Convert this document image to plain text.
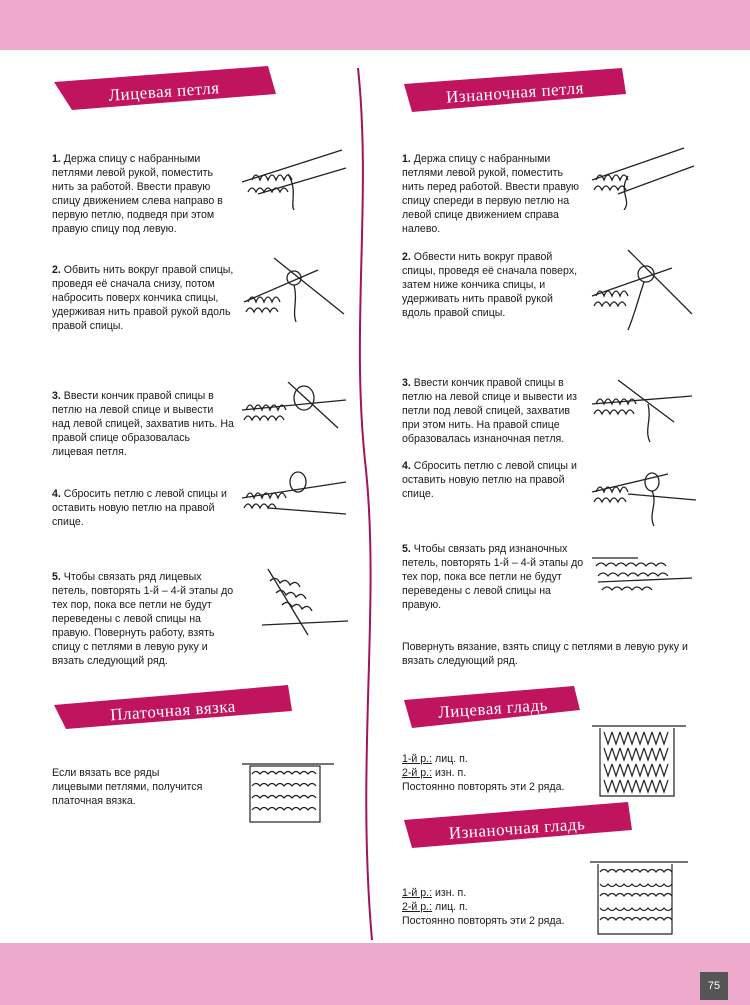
75
Лицевая петля	Изнаночная петля
Платочная вязка	Лицевая гладь
Изнаночная гладь
1. Держа спицу с набранными петлями левой рукой, поместить нить за работой. Ввести правую спицу движением слева направо в первую петлю, подведя при этом правую спицу под левую.
2. Обвить нить вокруг правой спицы, проведя её сначала снизу, потом набросить поверх кончика спицы, удерживая нить правой рукой вдоль правой спицы.
3. Ввести кончик правой спицы в петлю на левой спице и вывести над левой спицей, захватив нить. На правой спице образовалась лицевая петля.
4. Сбросить петлю с левой спицы и оставить новую петлю на правой спице.
5. Чтобы связать ряд лицевых петель, повторять 1-й – 4-й этапы до тех пор, пока все петли не будут переведены с левой спицы на правую. Повернуть работу, взять спицу с петлями в левую руку и вязать следующий ряд.
Если вязать все ряды лицевыми петлями, получится платочная вязка.
1. Держа спицу с набранными петлями левой рукой, поместить нить перед работой. Ввести правую спицу спереди в первую петлю на левой спице движением справа налево.
2. Обвести нить вокруг правой спицы, проведя её сначала поверх, затем ниже кончика спицы, и удерживать нить правой рукой вдоль правой спицы.
3. Ввести кончик правой спицы в петлю на левой спице и вывести из петли под левой спицей, захватив при этом нить. На правой спице образовалась изнаночная петля.
4. Сбросить петлю с левой спицы и оставить новую петлю на правой спице.
5. Чтобы связать ряд изнаночных петель, повторять 1-й – 4-й этапы до тех пор, пока все петли не будут переведены с левой спицы на правую.
Повернуть вязание, взять спицу с петлями в левую руку и вязать следующий ряд.
1-й р.: лиц. п.
2-й р.: изн. п.
Постоянно повторять эти 2 ряда.
1-й р.: изн. п.
2-й р.: лиц. п.
Постоянно повторять эти 2 ряда.
